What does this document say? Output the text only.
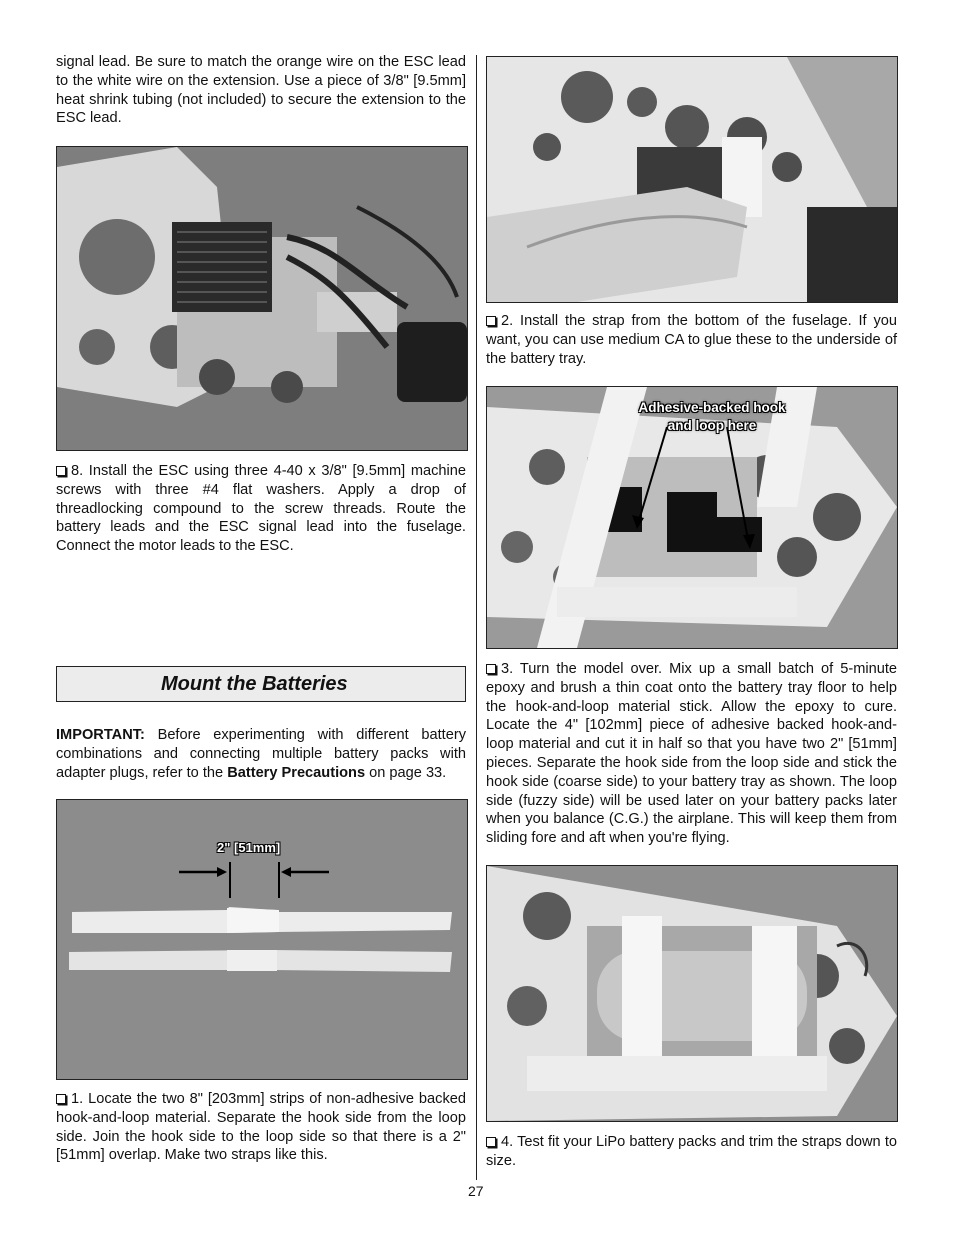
signal lead. Be sure to match the orange wire on the ESC lead to the white wire on the extension. Use a piece of 3/8" [9.5mm] heat shrink tubing (not included) to secure the extension to the ESC lead.

8. Install the ESC using three 4-40 x 3/8" [9.5mm] machine screws with three #4 flat washers. Apply a drop of threadlocking compound to the screw threads. Route the battery leads and the ESC signal lead into the fuselage. Connect the motor leads to the ESC.

Mount the Batteries

IMPORTANT: Before experimenting with different battery combinations and connecting multiple battery packs with adapter plugs, refer to the Battery Precautions on page 33.

2" [51mm]

1. Locate the two 8" [203mm] strips of non-adhesive backed hook-and-loop material. Separate the hook side from the loop side. Join the hook side to the loop side so that there is a 2" [51mm] overlap. Make two straps like this.

2. Install the strap from the bottom of the fuselage. If you want, you can use medium CA to glue these to the underside of the battery tray.

Adhesive-backed hook and loop here

3. Turn the model over. Mix up a small batch of 5-minute epoxy and brush a thin coat onto the battery tray floor to help the hook-and-loop material stick. Allow the epoxy to cure. Locate the 4" [102mm] piece of adhesive backed hook-and-loop material and cut it in half so that you have two 2" [51mm] pieces. Separate the hook side from the loop side and stick the hook side (coarse side) to your battery tray as shown. The loop side (fuzzy side) will be used later on your battery packs later when you balance (C.G.) the airplane. This will keep them from sliding fore and aft when you're flying.

4. Test fit your LiPo battery packs and trim the straps down to size.

27
